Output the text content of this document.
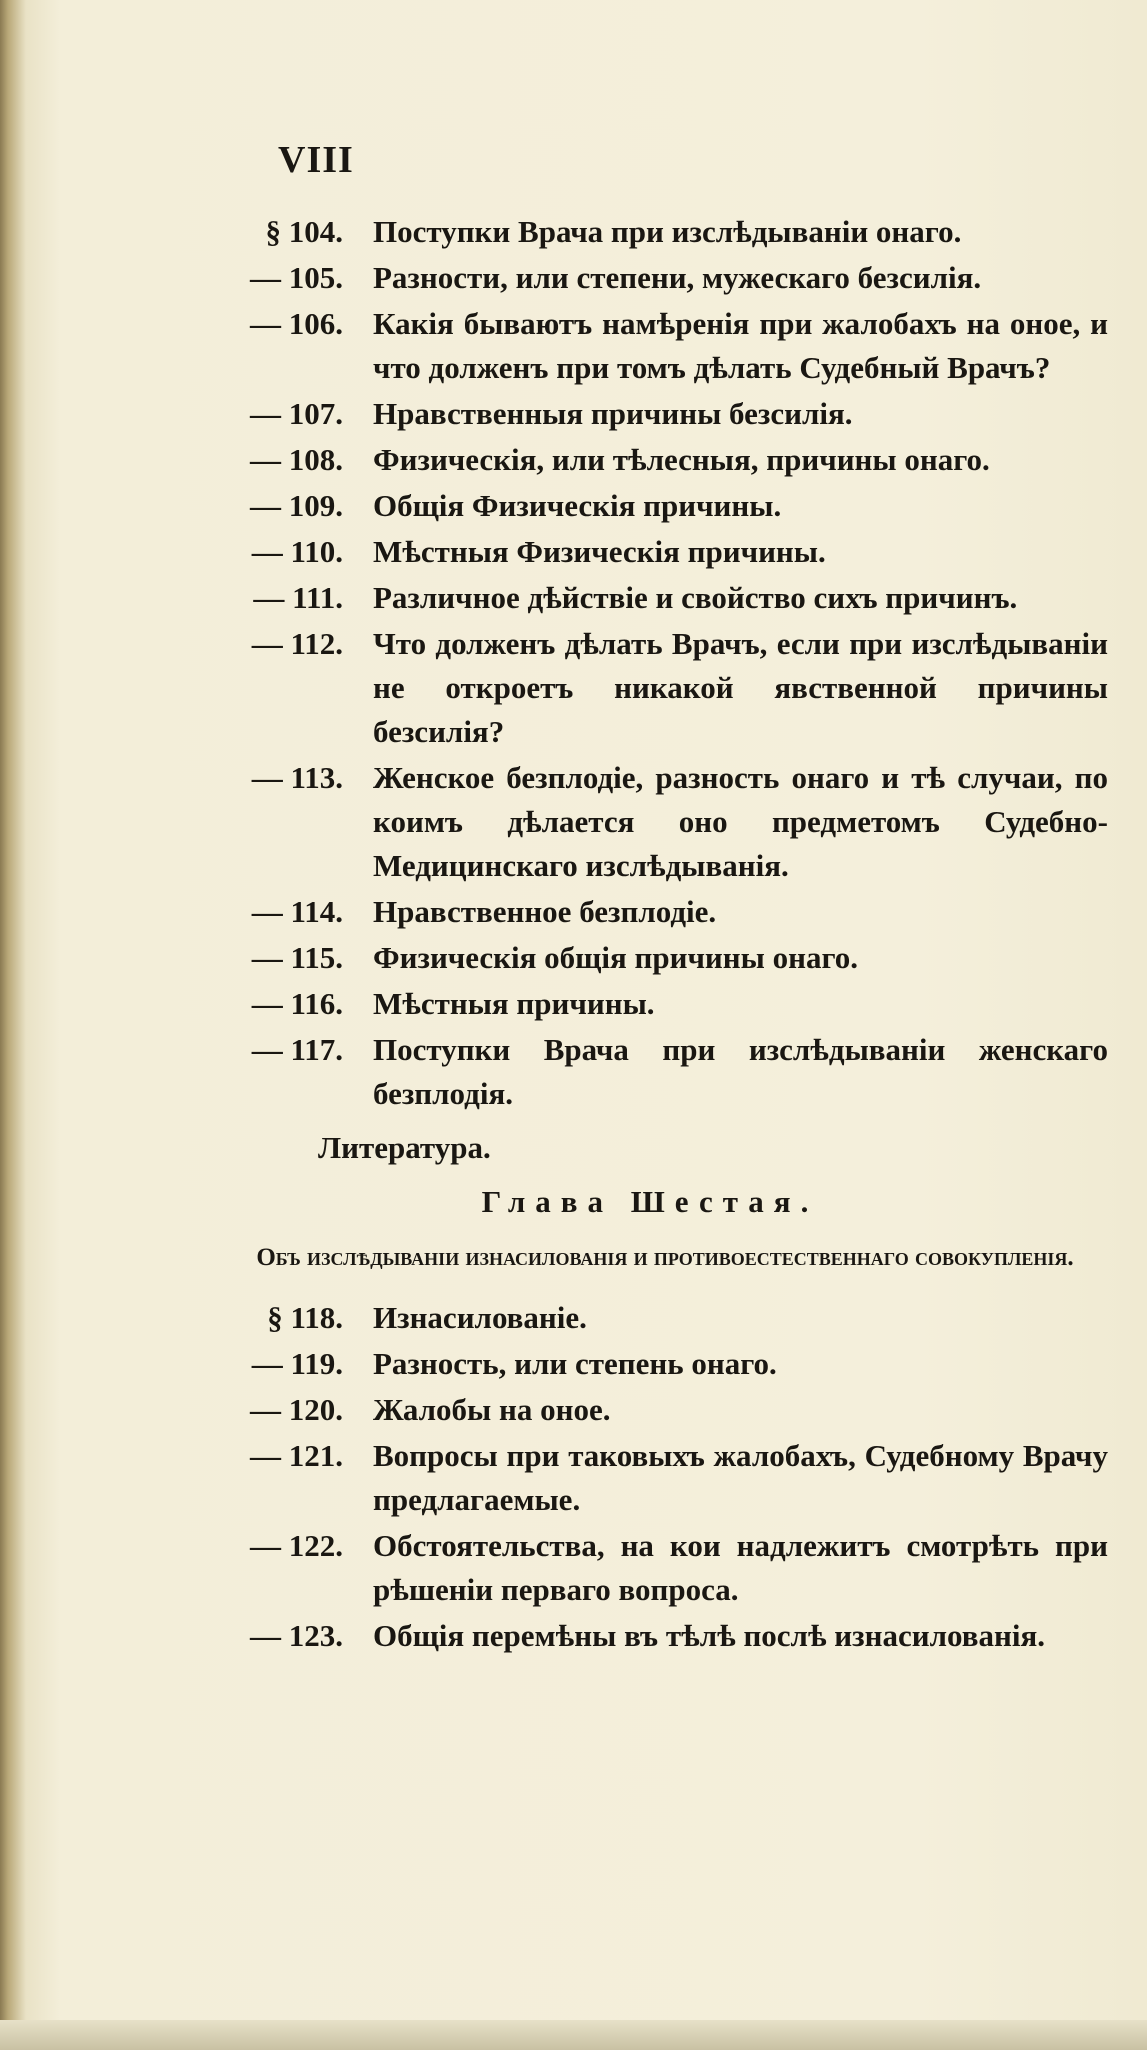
VIII
§ 104. Поступки Врача при изслѣдываніи онаго.
— 105. Разности, или степени, мужескаго безсилія.
— 106. Какія бываютъ намѣренія при жалобахъ на оное, и что долженъ при томъ дѣлать Судебный Врачъ?
— 107. Нравственныя причины безсилія.
— 108. Физическія, или тѣлесныя, причины онаго.
— 109. Общія Физическія причины.
— 110. Мѣстныя Физическія причины.
— 111. Различное дѣйствіе и свойство сихъ причинъ.
— 112. Что долженъ дѣлать Врачъ, если при изслѣдываніи не откроетъ никакой явственной причины безсилія?
— 113. Женское безплодіе, разность онаго и тѣ случаи, по коимъ дѣлается оно предметомъ Судебно-Медицинскаго изслѣдыванія.
— 114. Нравственное безплодіе.
— 115. Физическія общія причины онаго.
— 116. Мѣстныя причины.
— 117. Поступки Врача при изслѣдываніи женскаго безплодія.
Литература.
Глава Шестая.
Объ изслѣдываніи изнасилованія и противоестественнаго совокупленія.
§ 118. Изнасилованіе.
— 119. Разность, или степень онаго.
— 120. Жалобы на оное.
— 121. Вопросы при таковыхъ жалобахъ, Судебному Врачу предлагаемые.
— 122. Обстоятельства, на кои надлежитъ смотрѣть при рѣшеніи перваго вопроса.
— 123. Общія перемѣны въ тѣлѣ послѣ изнасилованія.
